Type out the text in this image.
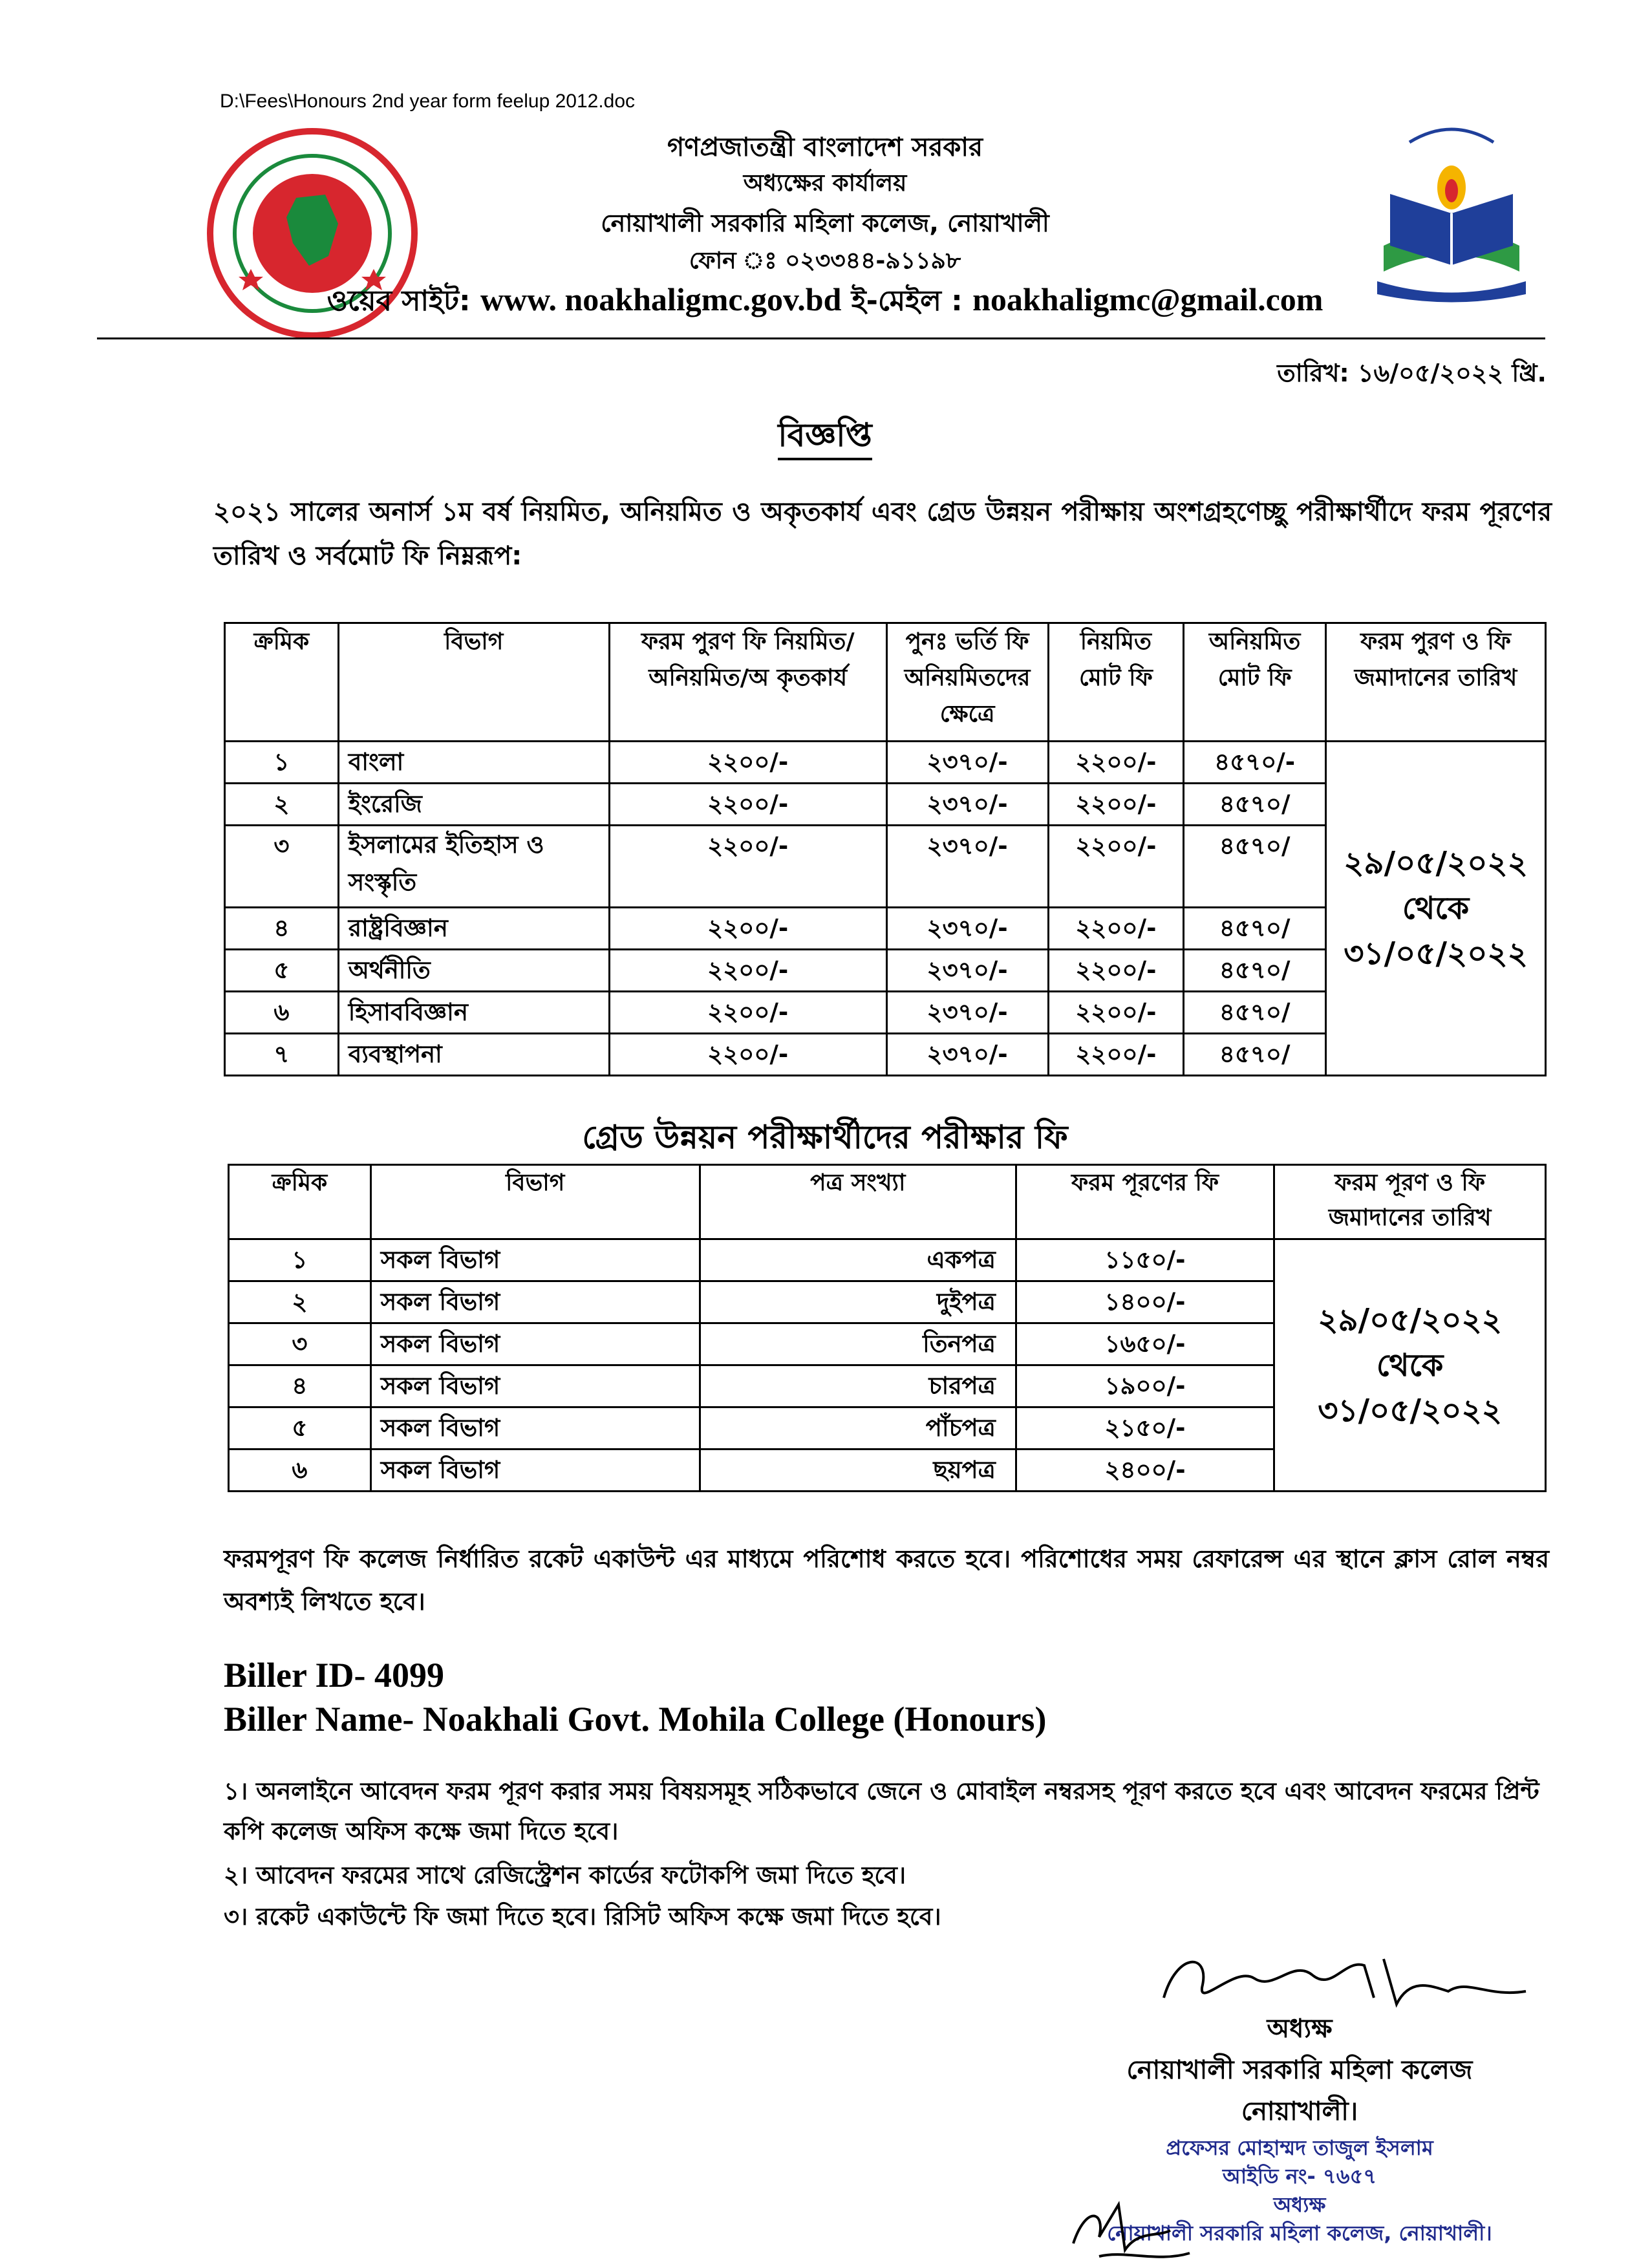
D:\Fees\Honours 2nd year form feelup 2012.doc
গণপ্রজাতন্ত্রী বাংলাদেশ সরকার
অধ্যক্ষের কার্যালয়
নোয়াখালী সরকারি মহিলা কলেজ, নোয়াখালী
ফোন ঃ ০২৩৩৪৪-৯১১৯৮
ওয়েব সাইট: www. noakhaligmc.gov.bd ই-মেইল : noakhaligmc@gmail.com
তারিখ: ১৬/০৫/২০২২ খ্রি.
বিজ্ঞপ্তি
২০২১ সালের অনার্স ১ম বর্ষ নিয়মিত, অনিয়মিত ও অকৃতকার্য এবং গ্রেড উন্নয়ন পরীক্ষায় অংশগ্রহণেচ্ছু পরীক্ষার্থীদে ফরম পূরণের তারিখ ও সর্বমোট ফি নিম্নরূপ:
ক্রমিক	বিভাগ	ফরম পুরণ ফি নিয়মিত/অনিয়মিত/অ কৃতকার্য	পুনঃ ভর্তি ফি অনিয়মিতদের ক্ষেত্রে	নিয়মিত মোট ফি	অনিয়মিত মোট ফি	ফরম পুরণ ও ফি জমাদানের তারিখ
১	বাংলা	২২০০/-	২৩৭০/-	২২০০/-	৪৫৭০/-	২৯/০৫/২০২২
থেকে
৩১/০৫/২০২২

২	ইংরেজি	২২০০/-	২৩৭০/-	২২০০/-	৪৫৭০/	
৩	ইসলামের ইতিহাস ও সংস্কৃতি	২২০০/-	২৩৭০/-	২২০০/-	৪৫৭০/	
৪	রাষ্ট্রবিজ্ঞান	২২০০/-	২৩৭০/-	২২০০/-	৪৫৭০/	
৫	অর্থনীতি	২২০০/-	২৩৭০/-	২২০০/-	৪৫৭০/	
৬	হিসাববিজ্ঞান	২২০০/-	২৩৭০/-	২২০০/-	৪৫৭০/	
৭	ব্যবস্থাপনা	২২০০/-	২৩৭০/-	২২০০/-	৪৫৭০/	
গ্রেড উন্নয়ন পরীক্ষার্থীদের পরীক্ষার ফি
ক্রমিক	বিভাগ	পত্র সংখ্যা	ফরম পূরণের ফি	ফরম পূরণ ও ফি জমাদানের তারিখ
১	সকল বিভাগ	একপত্র	১১৫০/-	২৯/০৫/২০২২
থেকে
৩১/০৫/২০২২

২	সকল বিভাগ	দুইপত্র	১৪০০/-	
৩	সকল বিভাগ	তিনপত্র	১৬৫০/-	
৪	সকল বিভাগ	চারপত্র	১৯০০/-	
৫	সকল বিভাগ	পাঁচপত্র	২১৫০/-	
৬	সকল বিভাগ	ছয়পত্র	২৪০০/-	
ফরমপূরণ ফি কলেজ নির্ধারিত রকেট একাউন্ট এর মাধ্যমে পরিশোধ করতে হবে। পরিশোধের সময় রেফারেন্স এর স্থানে ক্লাস রোল নম্বর অবশ্যই লিখতে হবে।
Biller ID- 4099
Biller Name- Noakhali Govt. Mohila College (Honours)
১। অনলাইনে আবেদন ফরম পূরণ করার সময় বিষয়সমূহ সঠিকভাবে জেনে ও মোবাইল নম্বরসহ পূরণ করতে হবে এবং আবেদন ফরমের প্রিন্ট কপি কলেজ অফিস কক্ষে জমা দিতে হবে।
২। আবেদন ফরমের সাথে রেজিস্ট্রেশন কার্ডের ফটোকপি জমা দিতে হবে।
৩। রকেট একাউন্টে ফি জমা দিতে হবে। রিসিট অফিস কক্ষে জমা দিতে হবে।
অধ্যক্ষ
নোয়াখালী সরকারি মহিলা কলেজ
নোয়াখালী।
প্রফেসর মোহাম্মদ তাজুল ইসলাম
আইডি নং- ৭৬৫৭
অধ্যক্ষ
নোয়াখালী সরকারি মহিলা কলেজ, নোয়াখালী।
